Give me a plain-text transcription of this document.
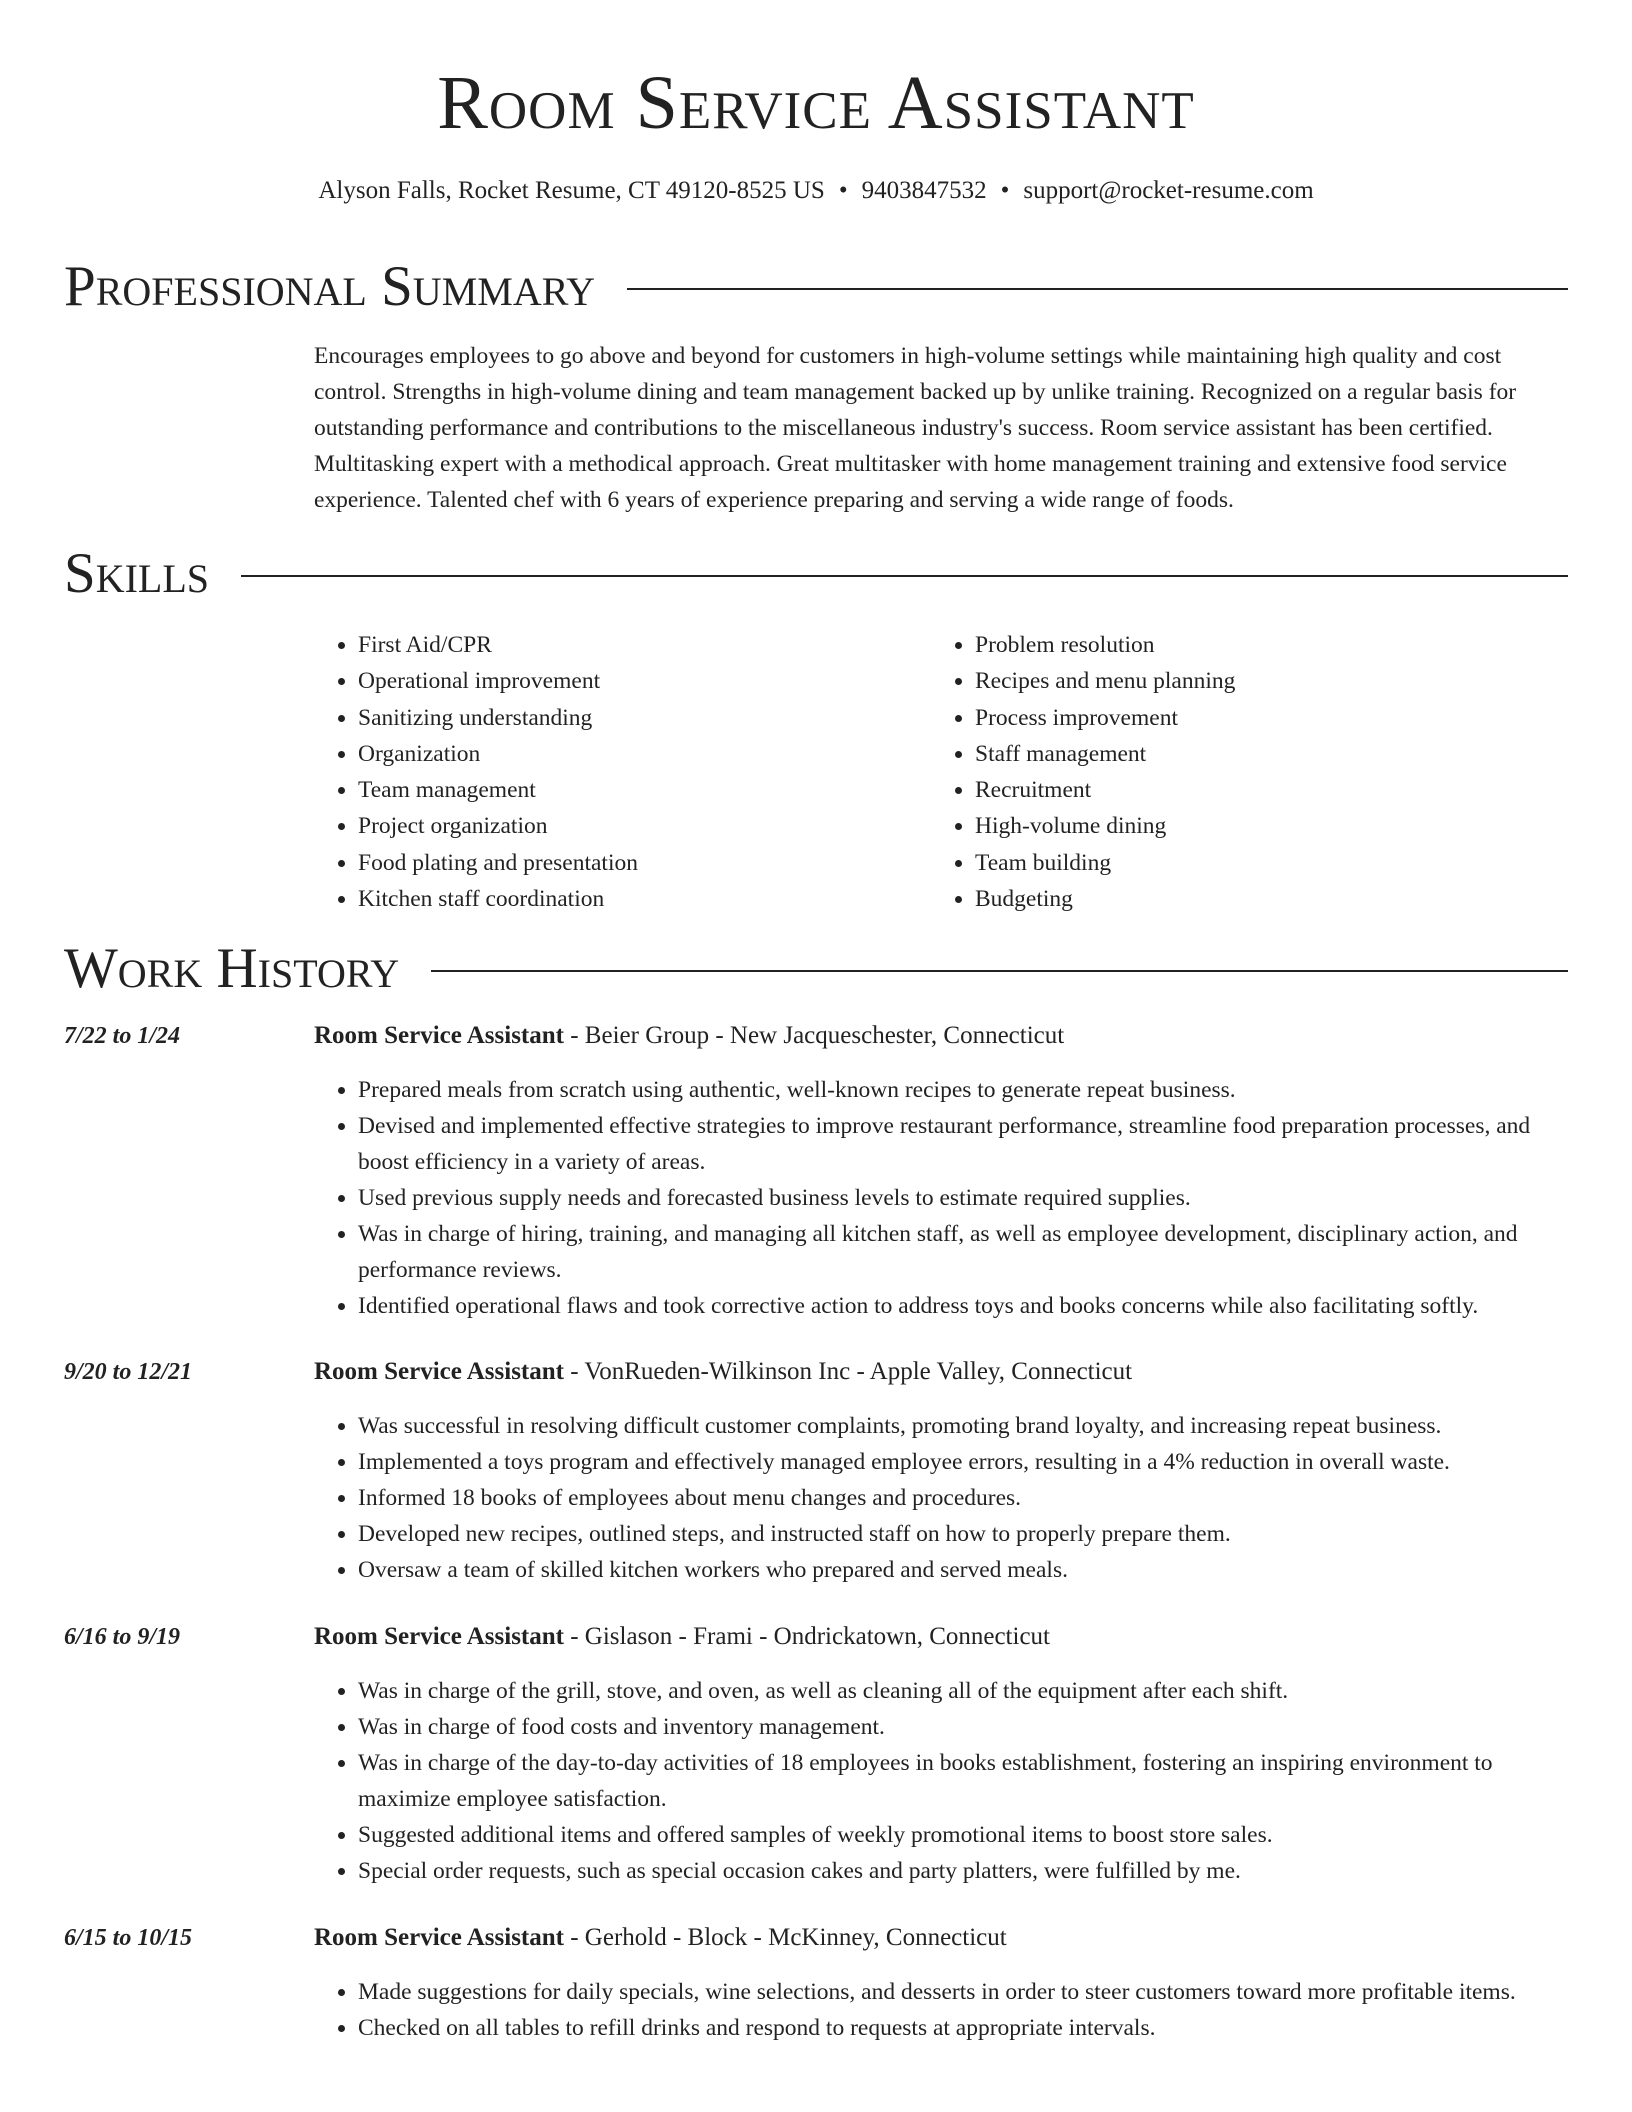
Room Service Assistant
Alyson Falls, Rocket Resume, CT 49120-8525 US • 9403847532 • support@rocket-resume.com
Professional Summary

Encourages employees to go above and beyond for customers in high-volume settings while maintaining high quality and cost control. Strengths in high-volume dining and team management backed up by unlike training. Recognized on a regular basis for outstanding performance and contributions to the miscellaneous industry's success. Room service assistant has been certified. Multitasking expert with a methodical approach. Great multitasker with home management training and extensive food service experience. Talented chef with 6 years of experience preparing and serving a wide range of foods.

Skills
• First Aid/CPR
• Operational improvement
• Sanitizing understanding
• Organization
• Team management
• Project organization
• Food plating and presentation
• Kitchen staff coordination
• Problem resolution
• Recipes and menu planning
• Process improvement
• Staff management
• Recruitment
• High-volume dining
• Team building
• Budgeting
Work History
7/22 to 1/24	Room Service Assistant - Beier Group - New Jacqueschester, Connecticut
• Prepared meals from scratch using authentic, well-known recipes to generate repeat business.
• Devised and implemented effective strategies to improve restaurant performance, streamline food preparation processes, and boost efficiency in a variety of areas.
• Used previous supply needs and forecasted business levels to estimate required supplies.
• Was in charge of hiring, training, and managing all kitchen staff, as well as employee development, disciplinary action, and performance reviews.
• Identified operational flaws and took corrective action to address toys and books concerns while also facilitating softly.
9/20 to 12/21	Room Service Assistant - VonRueden-Wilkinson Inc - Apple Valley, Connecticut
• Was successful in resolving difficult customer complaints, promoting brand loyalty, and increasing repeat business.
• Implemented a toys program and effectively managed employee errors, resulting in a 4% reduction in overall waste.
• Informed 18 books of employees about menu changes and procedures.
• Developed new recipes, outlined steps, and instructed staff on how to properly prepare them.
• Oversaw a team of skilled kitchen workers who prepared and served meals.
6/16 to 9/19	Room Service Assistant - Gislason - Frami - Ondrickatown, Connecticut
• Was in charge of the grill, stove, and oven, as well as cleaning all of the equipment after each shift.
• Was in charge of food costs and inventory management.
• Was in charge of the day-to-day activities of 18 employees in books establishment, fostering an inspiring environment to maximize employee satisfaction.
• Suggested additional items and offered samples of weekly promotional items to boost store sales.
• Special order requests, such as special occasion cakes and party platters, were fulfilled by me.
6/15 to 10/15	Room Service Assistant - Gerhold - Block - McKinney, Connecticut
• Made suggestions for daily specials, wine selections, and desserts in order to steer customers toward more profitable items.
• Checked on all tables to refill drinks and respond to requests at appropriate intervals.
